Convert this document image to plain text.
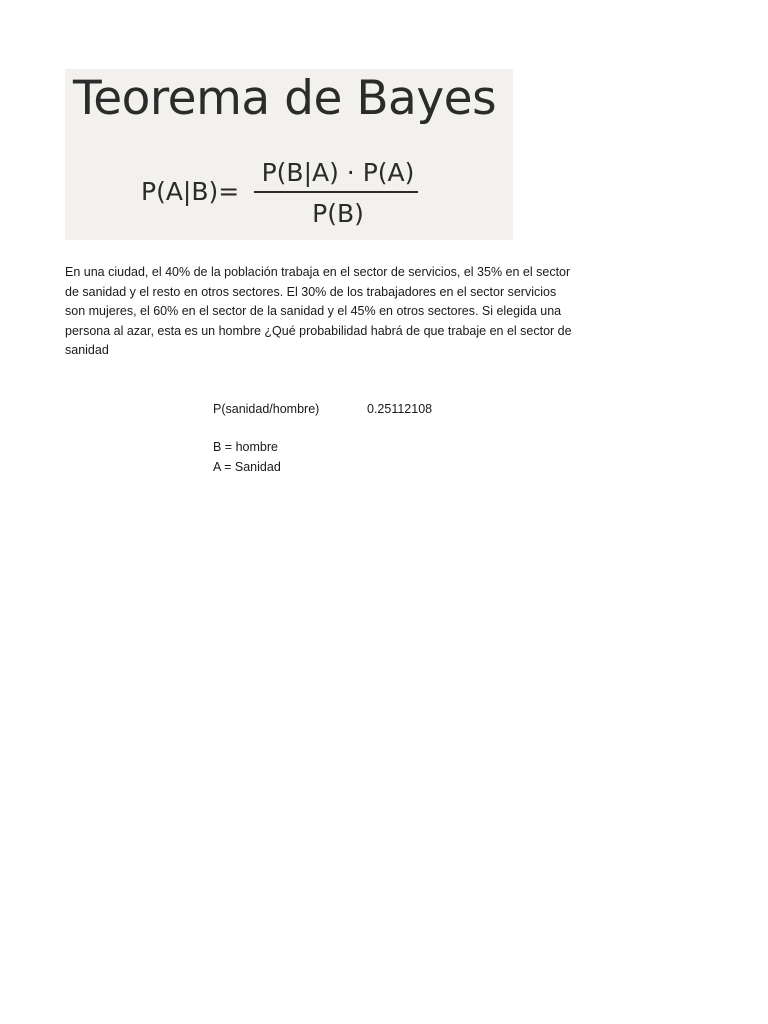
Teorema de Bayes
P(A|B)=
P(B|A) · P(A)
P(B)

En una ciudad, el 40% de la población trabaja en el sector de servicios, el 35% en el sector
de sanidad y el resto en otros sectores. El 30% de los trabajadores en el sector servicios
son mujeres, el 60% en el sector de la sanidad y el 45% en otros sectores. Si elegida una
persona al azar, esta es un hombre ¿Qué probabilidad habrá de que trabaje en el sector de
sanidad

P(sanidad/hombre)	0.25112108
B = hombre
A = Sanidad
